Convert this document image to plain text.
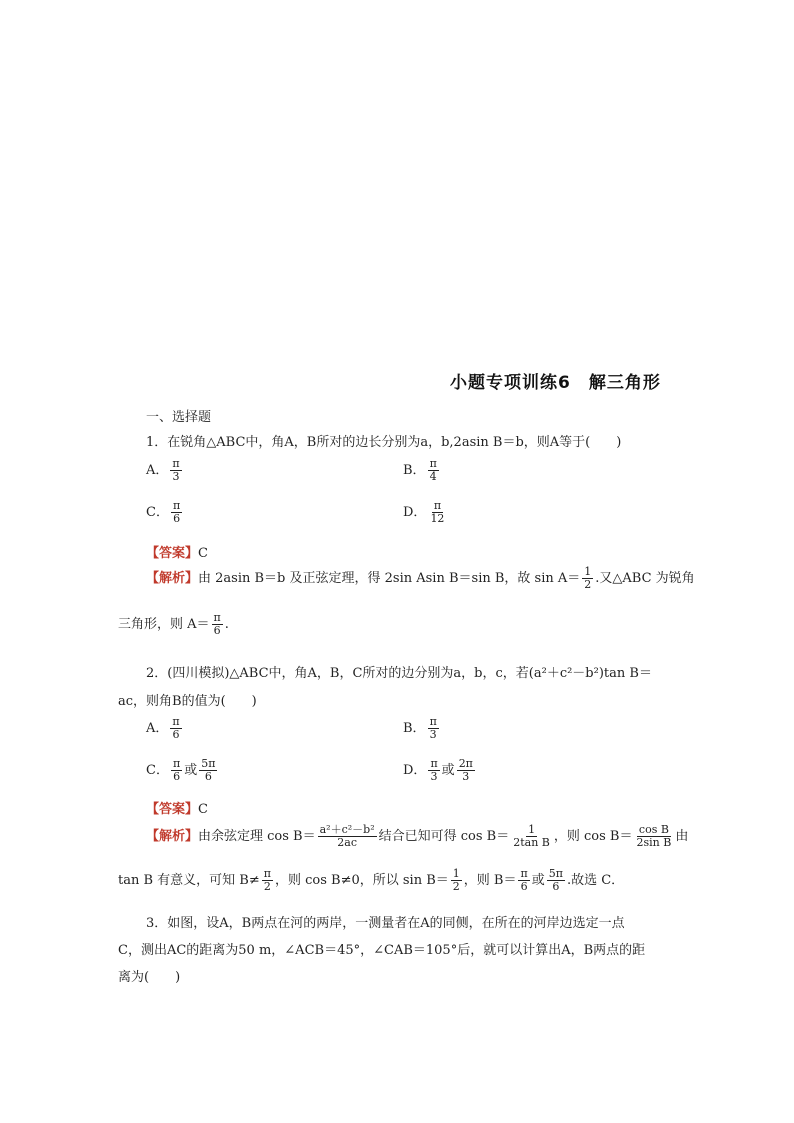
小题专项训练6　解三角形
一、选择题
1．在锐角△ABC中，角A，B所对的边长分别为a，b,2asin B＝b，则A等于(　　)
A． $\frac{\pi}{3}$	B． $\frac{\pi}{4}$
C． $\frac{\pi}{6}$	D． $\frac{\pi}{12}$
【答案】C
【解析】由 2asin B＝b 及正弦定理，得 2sin Asin B＝sin B，故 $\sin A= \frac{1}{2}$ .又△ABC 为锐角
三角形，则 $A= \frac{\pi}{6}$ .
2．(四川模拟)△ABC中，角A，B，C所对的边分别为a，b，c，若(a²＋c²－b²)tan B＝
ac，则角B的值为(　　)
A． $\frac{\pi}{6}$	B． $\frac{\pi}{3}$
C． $\frac{\pi}{6}$ 或 $\frac{5\pi}{6}$	D． $\frac{\pi}{3}$ 或 $\frac{2\pi}{3}$
【答案】C
【解析】由余弦定理 $\cos B= \frac{\text{a²＋c²－b²}}{2ac}$ 结合已知可得 $\cos B= \frac{1}{\text{2tan B}}$ ，则 $\cos B= \frac{\text{cos B}}{\text{2sin B}}$ 由
tan B 有意义，可知 $B\ne \frac{\pi}{2}$ ，则 cos B≠0，所以 $\sin B= \frac{1}{2}$ ，则 $B= \frac{\pi}{6}$ 或 $\frac{5\pi}{6}$ .故选 C．
3．如图，设A，B两点在河的两岸，一测量者在A的同侧，在所在的河岸边选定一点
C，测出AC的距离为50 m，∠ACB＝45°，∠CAB＝105°后，就可以计算出A，B两点的距
离为(　　)
